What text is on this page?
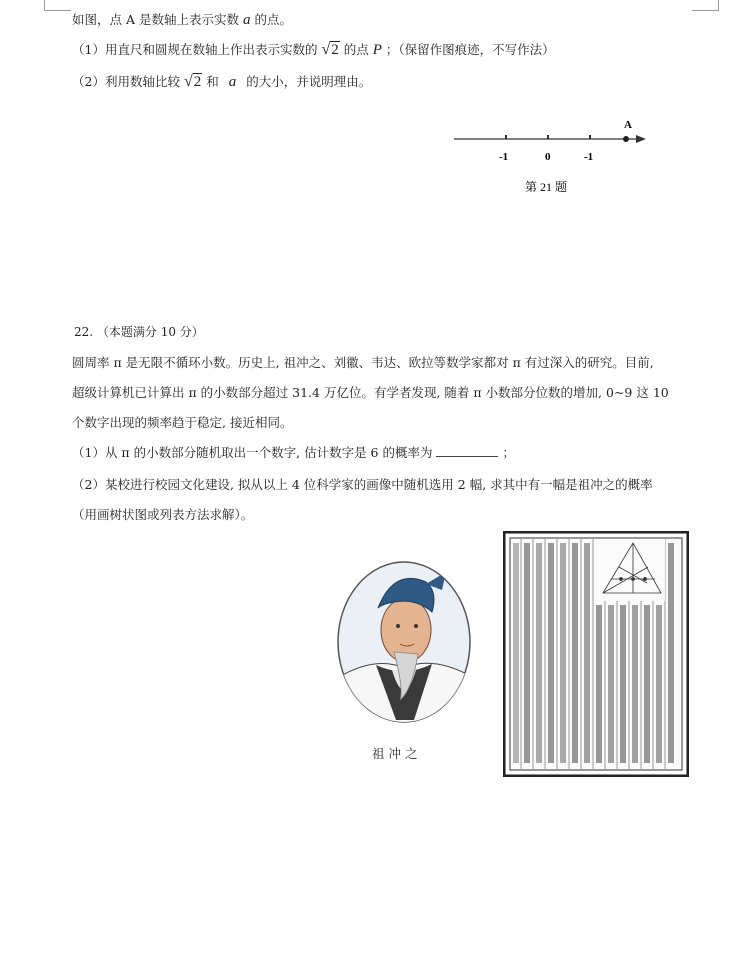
如图，点 A 是数轴上表示实数 a 的点。
（1）用直尺和圆规在数轴上作出表示实数的 √2 的点 P ；（保留作图痕迹，不写作法）
（2）利用数轴比较 √2 和 a 的大小，并说明理由。
A
-1	0	-1
第 21 题
22. （本题满分 10 分）
圆周率 π 是无限不循环小数。历史上, 祖冲之、刘徽、韦达、欧拉等数学家都对 π 有过深入的研究。目前,
超级计算机已计算出 π 的小数部分超过 31.4 万亿位。有学者发现, 随着 π 小数部分位数的增加, 0~9 这 10
个数字出现的频率趋于稳定, 接近相同。
（1）从 π 的小数部分随机取出一个数字, 估计数字是 6 的概率为	；
（2）某校进行校园文化建设, 拟从以上 4 位科学家的画像中随机选用 2 幅, 求其中有一幅是祖冲之的概率
（用画树状图或列表方法求解）。
祖 冲 之
